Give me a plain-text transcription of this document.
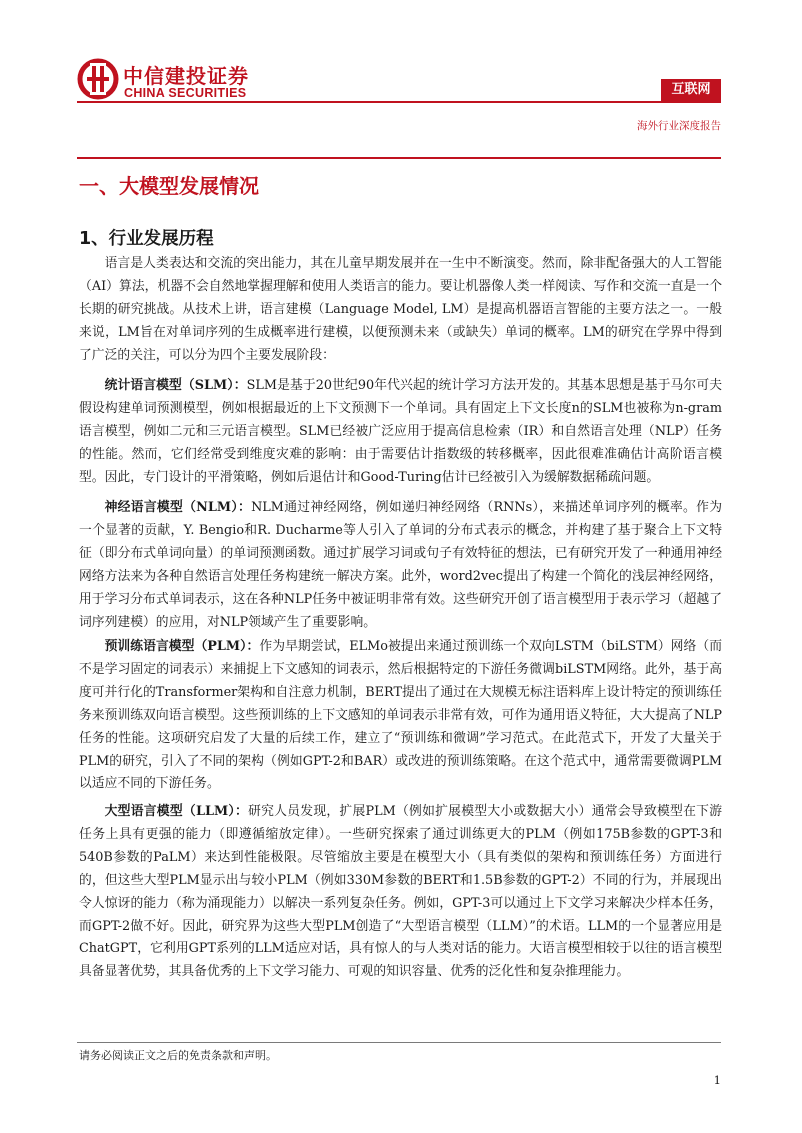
中信建投证券
CHINA SECURITIES	互联网
海外行业深度报告
一、大模型发展情况
1、行业发展历程

语言是人类表达和交流的突出能力，其在儿童早期发展并在一生中不断演变。然而，除非配备强大的人工智能（AI）算法，机器不会自然地掌握理解和使用人类语言的能力。要让机器像人类一样阅读、写作和交流一直是一个长期的研究挑战。从技术上讲，语言建模（Language Model, LM）是提高机器语言智能的主要方法之一。一般来说，LM旨在对单词序列的生成概率进行建模，以便预测未来（或缺失）单词的概率。LM的研究在学界中得到了广泛的关注，可以分为四个主要发展阶段：

统计语言模型（SLM）：SLM是基于20世纪90年代兴起的统计学习方法开发的。其基本思想是基于马尔可夫假设构建单词预测模型，例如根据最近的上下文预测下一个单词。具有固定上下文长度n的SLM也被称为n-gram语言模型，例如二元和三元语言模型。SLM已经被广泛应用于提高信息检索（IR）和自然语言处理（NLP）任务的性能。然而，它们经常受到维度灾难的影响：由于需要估计指数级的转移概率，因此很难准确估计高阶语言模型。因此，专门设计的平滑策略，例如后退估计和Good-Turing估计已经被引入为缓解数据稀疏问题。

神经语言模型（NLM）：NLM通过神经网络，例如递归神经网络（RNNs），来描述单词序列的概率。作为一个显著的贡献，Y. Bengio和R. Ducharme等人引入了单词的分布式表示的概念，并构建了基于聚合上下文特征（即分布式单词向量）的单词预测函数。通过扩展学习词或句子有效特征的想法，已有研究开发了一种通用神经网络方法来为各种自然语言处理任务构建统一解决方案。此外，word2vec提出了构建一个简化的浅层神经网络，用于学习分布式单词表示，这在各种NLP任务中被证明非常有效。这些研究开创了语言模型用于表示学习（超越了词序列建模）的应用，对NLP领域产生了重要影响。

预训练语言模型（PLM）：作为早期尝试，ELMo被提出来通过预训练一个双向LSTM（biLSTM）网络（而不是学习固定的词表示）来捕捉上下文感知的词表示，然后根据特定的下游任务微调biLSTM网络。此外，基于高度可并行化的Transformer架构和自注意力机制，BERT提出了通过在大规模无标注语料库上设计特定的预训练任务来预训练双向语言模型。这些预训练的上下文感知的单词表示非常有效，可作为通用语义特征，大大提高了NLP任务的性能。这项研究启发了大量的后续工作，建立了“预训练和微调”学习范式。在此范式下，开发了大量关于PLM的研究，引入了不同的架构（例如GPT-2和BAR）或改进的预训练策略。在这个范式中，通常需要微调PLM以适应不同的下游任务。

大型语言模型（LLM）：研究人员发现，扩展PLM（例如扩展模型大小或数据大小）通常会导致模型在下游任务上具有更强的能力（即遵循缩放定律）。一些研究探索了通过训练更大的PLM（例如175B参数的GPT-3和540B参数的PaLM）来达到性能极限。尽管缩放主要是在模型大小（具有类似的架构和预训练任务）方面进行的，但这些大型PLM显示出与较小PLM（例如330M参数的BERT和1.5B参数的GPT-2）不同的行为，并展现出令人惊讶的能力（称为涌现能力）以解决一系列复杂任务。例如，GPT-3可以通过上下文学习来解决少样本任务，而GPT-2做不好。因此，研究界为这些大型PLM创造了“大型语言模型（LLM）”的术语。LLM的一个显著应用是ChatGPT，它利用GPT系列的LLM适应对话，具有惊人的与人类对话的能力。大语言模型相较于以往的语言模型具备显著优势，其具备优秀的上下文学习能力、可观的知识容量、优秀的泛化性和复杂推理能力。

请务必阅读正文之后的免责条款和声明。
1
